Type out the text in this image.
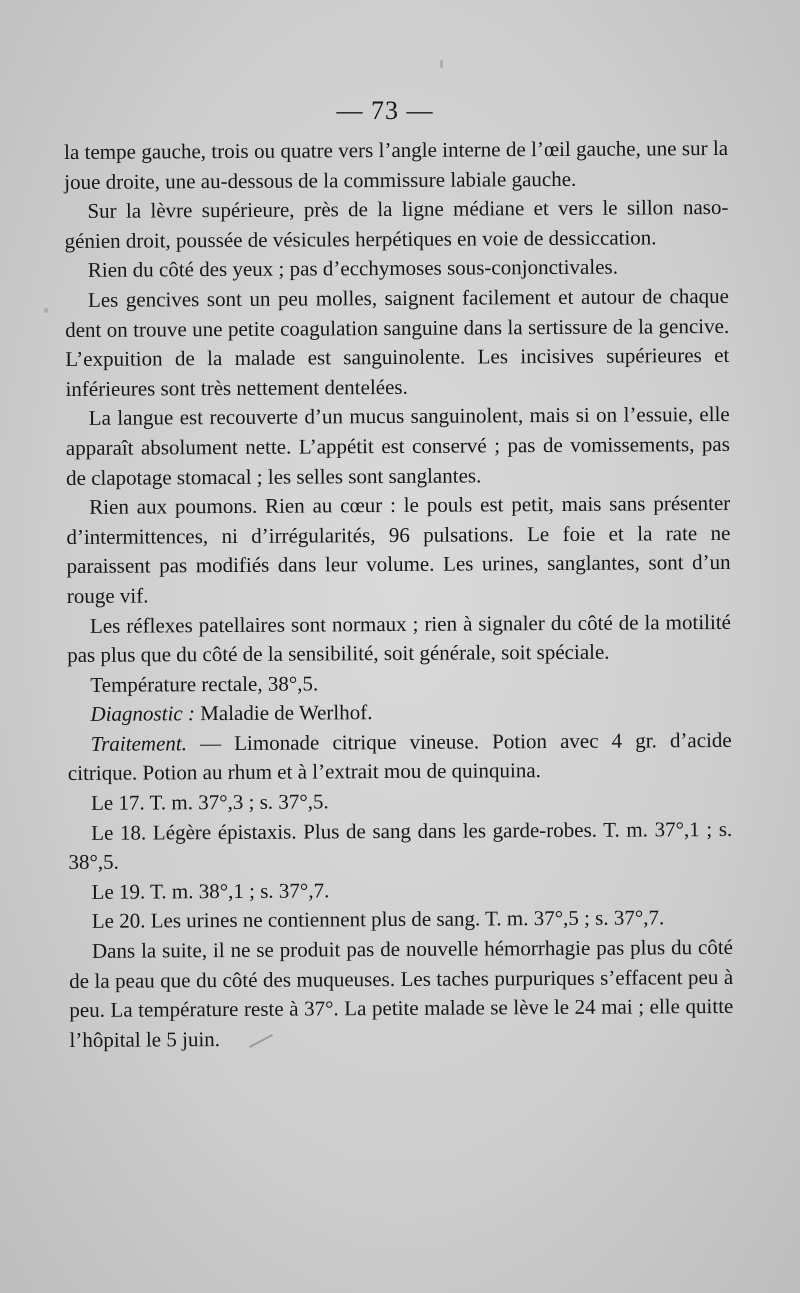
— 73 —

la tempe gauche, trois ou quatre vers l’angle interne de l’œil gauche, une sur la joue droite, une au-dessous de la commissure labiale gauche.

Sur la lèvre supérieure, près de la ligne médiane et vers le sillon naso-génien droit, poussée de vésicules herpétiques en voie de dessiccation.

Rien du côté des yeux ; pas d’ecchymoses sous-conjonctivales.

Les gencives sont un peu molles, saignent facilement et autour de chaque dent on trouve une petite coagulation sanguine dans la sertissure de la gencive. L’expuition de la malade est sanguinolente. Les incisives supérieures et inférieures sont très nettement dentelées.

La langue est recouverte d’un mucus sanguinolent, mais si on l’essuie, elle apparaît absolument nette. L’appétit est conservé ; pas de vomissements, pas de clapotage stomacal ; les selles sont sanglantes.

Rien aux poumons. Rien au cœur : le pouls est petit, mais sans présenter d’intermittences, ni d’irrégularités, 96 pulsations. Le foie et la rate ne paraissent pas modifiés dans leur volume. Les urines, sanglantes, sont d’un rouge vif.

Les réflexes patellaires sont normaux ; rien à signaler du côté de la motilité pas plus que du côté de la sensibilité, soit générale, soit spéciale.

Température rectale, 38°,5.

Diagnostic : Maladie de Werlhof.

Traitement. — Limonade citrique vineuse. Potion avec 4 gr. d’acide citrique. Potion au rhum et à l’extrait mou de quinquina.

Le 17. T. m. 37°,3 ; s. 37°,5.

Le 18. Légère épistaxis. Plus de sang dans les garde-robes. T. m. 37°,1 ; s. 38°,5.

Le 19. T. m. 38°,1 ; s. 37°,7.

Le 20. Les urines ne contiennent plus de sang. T. m. 37°,5 ; s. 37°,7.

Dans la suite, il ne se produit pas de nouvelle hémorrhagie pas plus du côté de la peau que du côté des muqueuses. Les taches purpuriques s’effacent peu à peu. La température reste à 37°. La petite malade se lève le 24 mai ; elle quitte l’hôpital le 5 juin.
